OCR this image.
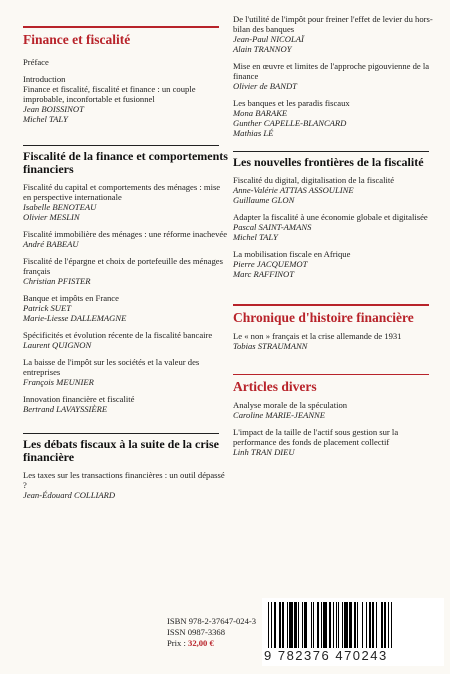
Finance et fiscalité
Préface
Introduction
Finance et fiscalité, fiscalité et finance : un couple improbable, inconfortable et fusionnel
Jean BOISSINOT
Michel TALY
Fiscalité de la finance et comportements financiers
Fiscalité du capital et comportements des ménages : mise en perspective internationale
Isabelle BENOTEAU
Olivier MESLIN
Fiscalité immobilière des ménages : une réforme inachevée
André BABEAU
Fiscalité de l'épargne et choix de portefeuille des ménages français
Christian PFISTER
Banque et impôts en France
Patrick SUET
Marie-Liesse DALLEMAGNE
Spécificités et évolution récente de la fiscalité bancaire
Laurent QUIGNON
La baisse de l'impôt sur les sociétés et la valeur des entreprises
François MEUNIER
Innovation financière et fiscalité
Bertrand LAVAYSSIÈRE
Les débats fiscaux à la suite de la crise financière
Les taxes sur les transactions financières : un outil dépassé ?
Jean-Édouard COLLIARD
De l'utilité de l'impôt pour freiner l'effet de levier du hors-bilan des banques
Jean-Paul NICOLAÏ
Alain TRANNOY
Mise en œuvre et limites de l'approche pigouvienne de la finance
Olivier de BANDT
Les banques et les paradis fiscaux
Mona BARAKE
Gunther CAPELLE-BLANCARD
Mathias LÉ
Les nouvelles frontières de la fiscalité
Fiscalité du digital, digitalisation de la fiscalité
Anne-Valérie ATTIAS ASSOULINE
Guillaume GLON
Adapter la fiscalité à une économie globale et digitalisée
Pascal SAINT-AMANS
Michel TALY
La mobilisation fiscale en Afrique
Pierre JACQUEMOT
Marc RAFFINOT
Chronique d'histoire financière
Le « non » français et la crise allemande de 1931
Tobias STRAUMANN
Articles divers
Analyse morale de la spéculation
Caroline MARIE-JEANNE
L'impact de la taille de l'actif sous gestion sur la performance des fonds de placement collectif
Linh TRAN DIEU
ISBN 978-2-37647-024-3
ISSN 0987-3368
Prix : 32,00 €
9 782376 470243
